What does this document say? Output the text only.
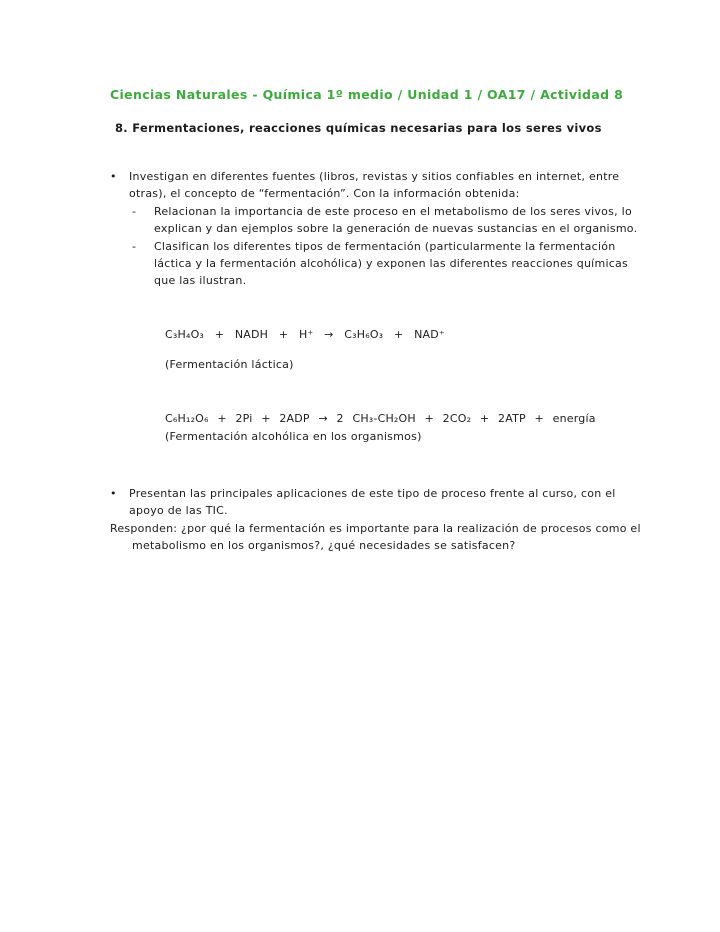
Ciencias Naturales - Química 1º medio / Unidad 1 / OA17 / Actividad 8
8. Fermentaciones, reacciones químicas necesarias para los seres vivos
•	Investigan en diferentes fuentes (libros, revistas y sitios confiables en internet, entre otras), el concepto de “fermentación”. Con la información obtenida:
-	Relacionan la importancia de este proceso en el metabolismo de los seres vivos, lo explican y dan ejemplos sobre la generación de nuevas sustancias en el organismo.
-	Clasifican los diferentes tipos de fermentación (particularmente la fermentación láctica y la fermentación alcohólica) y exponen las diferentes reacciones químicas que las ilustran.
C₃H₄O₃ + NADH + H⁺ → C₃H₆O₃ + NAD⁺
(Fermentación láctica)
C₆H₁₂O₆ + 2Pi + 2ADP → 2 CH₃-CH₂OH + 2CO₂ + 2ATP + energía
(Fermentación alcohólica en los organismos)
•	Presentan las principales aplicaciones de este tipo de proceso frente al curso, con el apoyo de las TIC.
Responden: ¿por qué la fermentación es importante para la realización de procesos como el metabolismo en los organismos?, ¿qué necesidades se satisfacen?
